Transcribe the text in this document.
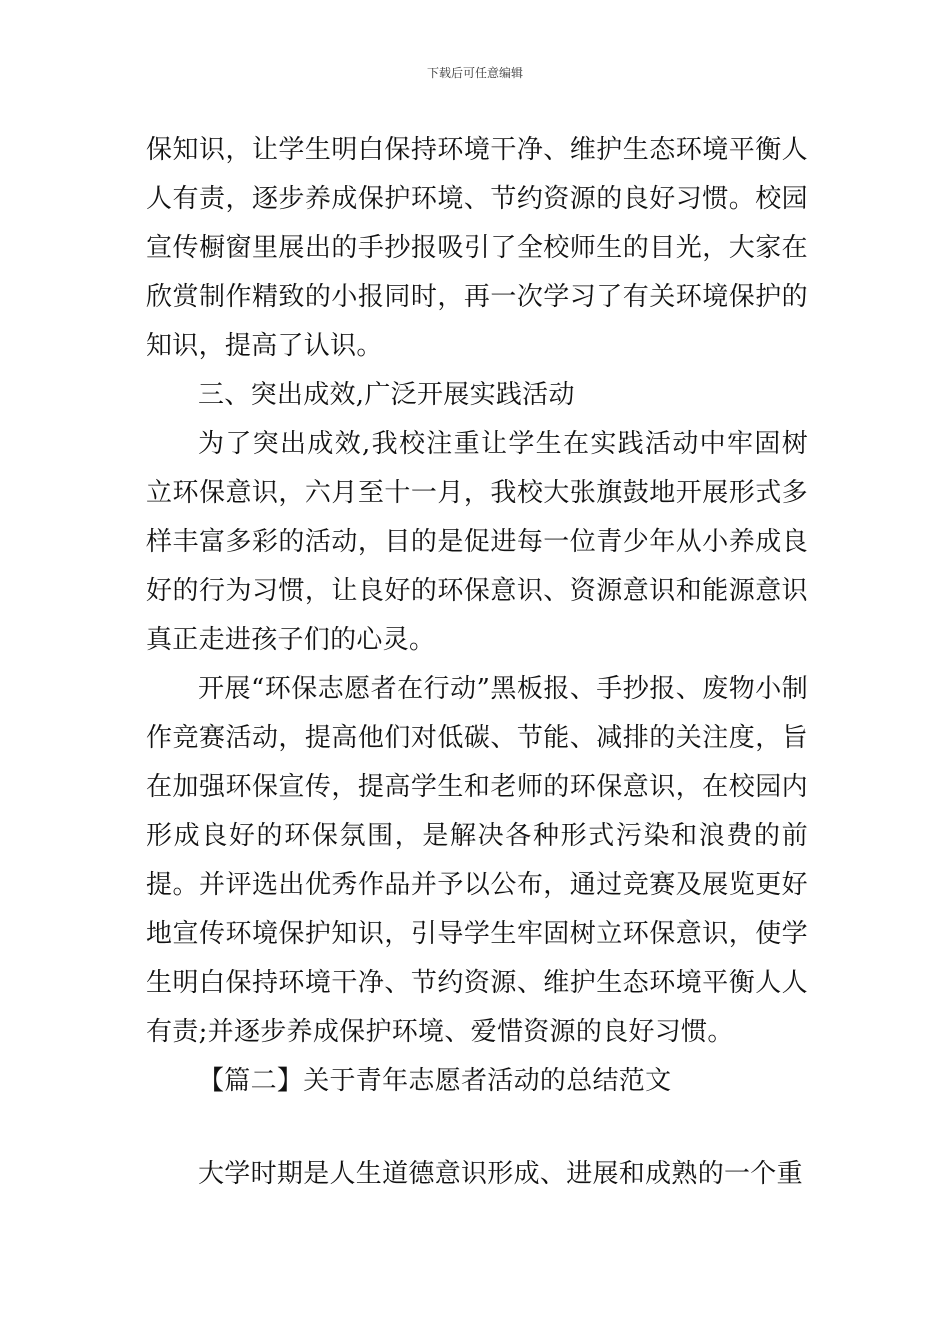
下载后可任意编辑

保知识，让学生明白保持环境干净、维护生态环境平衡人人有责，逐步养成保护环境、节约资源的良好习惯。校园宣传橱窗里展出的手抄报吸引了全校师生的目光，大家在欣赏制作精致的小报同时，再一次学习了有关环境保护的知识，提高了认识。

三、突出成效,广泛开展实践活动

为了突出成效,我校注重让学生在实践活动中牢固树立环保意识，六月至十一月，我校大张旗鼓地开展形式多样丰富多彩的活动，目的是促进每一位青少年从小养成良好的行为习惯，让良好的环保意识、资源意识和能源意识真正走进孩子们的心灵。

开展“环保志愿者在行动”黑板报、手抄报、废物小制作竞赛活动，提高他们对低碳、节能、减排的关注度，旨在加强环保宣传，提高学生和老师的环保意识，在校园内形成良好的环保氛围，是解决各种形式污染和浪费的前提。并评选出优秀作品并予以公布，通过竞赛及展览更好地宣传环境保护知识，引导学生牢固树立环保意识，使学生明白保持环境干净、节约资源、维护生态环境平衡人人有责;并逐步养成保护环境、爱惜资源的良好习惯。

【篇二】关于青年志愿者活动的总结范文

大学时期是人生道德意识形成、进展和成熟的一个重
